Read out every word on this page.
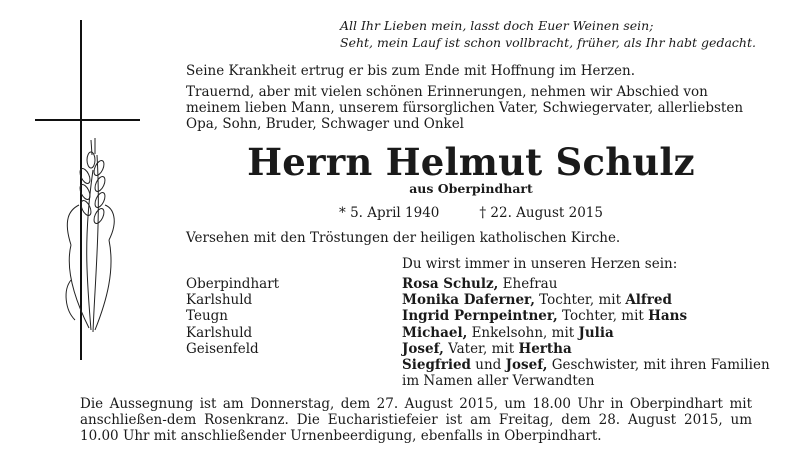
All Ihr Lieben mein, lasst doch Euer Weinen sein;
Seht, mein Lauf ist schon vollbracht, früher, als Ihr habt gedacht.
Seine Krankheit ertrug er bis zum Ende mit Hoffnung im Herzen.
Trauernd, aber mit vielen schönen Erinnerungen, nehmen wir Abschied von meinem lieben Mann, unserem fürsorglichen Vater, Schwiegervater, allerliebsten Opa, Sohn, Bruder, Schwager und Onkel
Herrn Helmut Schulz
aus Oberpindhart
* 5. April 1940	† 22. August 2015
Versehen mit den Tröstungen der heiligen katholischen Kirche.
Du wirst immer in unseren Herzen sein:
Oberpindhart
Karlshuld
Teugn
Karlshuld
Geisenfeld
Rosa Schulz, Ehefrau
Monika Daferner, Tochter, mit Alfred
Ingrid Pernpeintner, Tochter, mit Hans
Michael, Enkelsohn, mit Julia
Josef, Vater, mit Hertha
Siegfried und Josef, Geschwister, mit ihren Familien
im Namen aller Verwandten
Die Aussegnung ist am Donnerstag, dem 27. August 2015, um 18.00 Uhr in Oberpindhart mit anschließen-dem Rosenkranz. Die Eucharistiefeier ist am Freitag, dem 28. August 2015, um 10.00 Uhr mit anschließender Urnenbeerdigung, ebenfalls in Oberpindhart.
